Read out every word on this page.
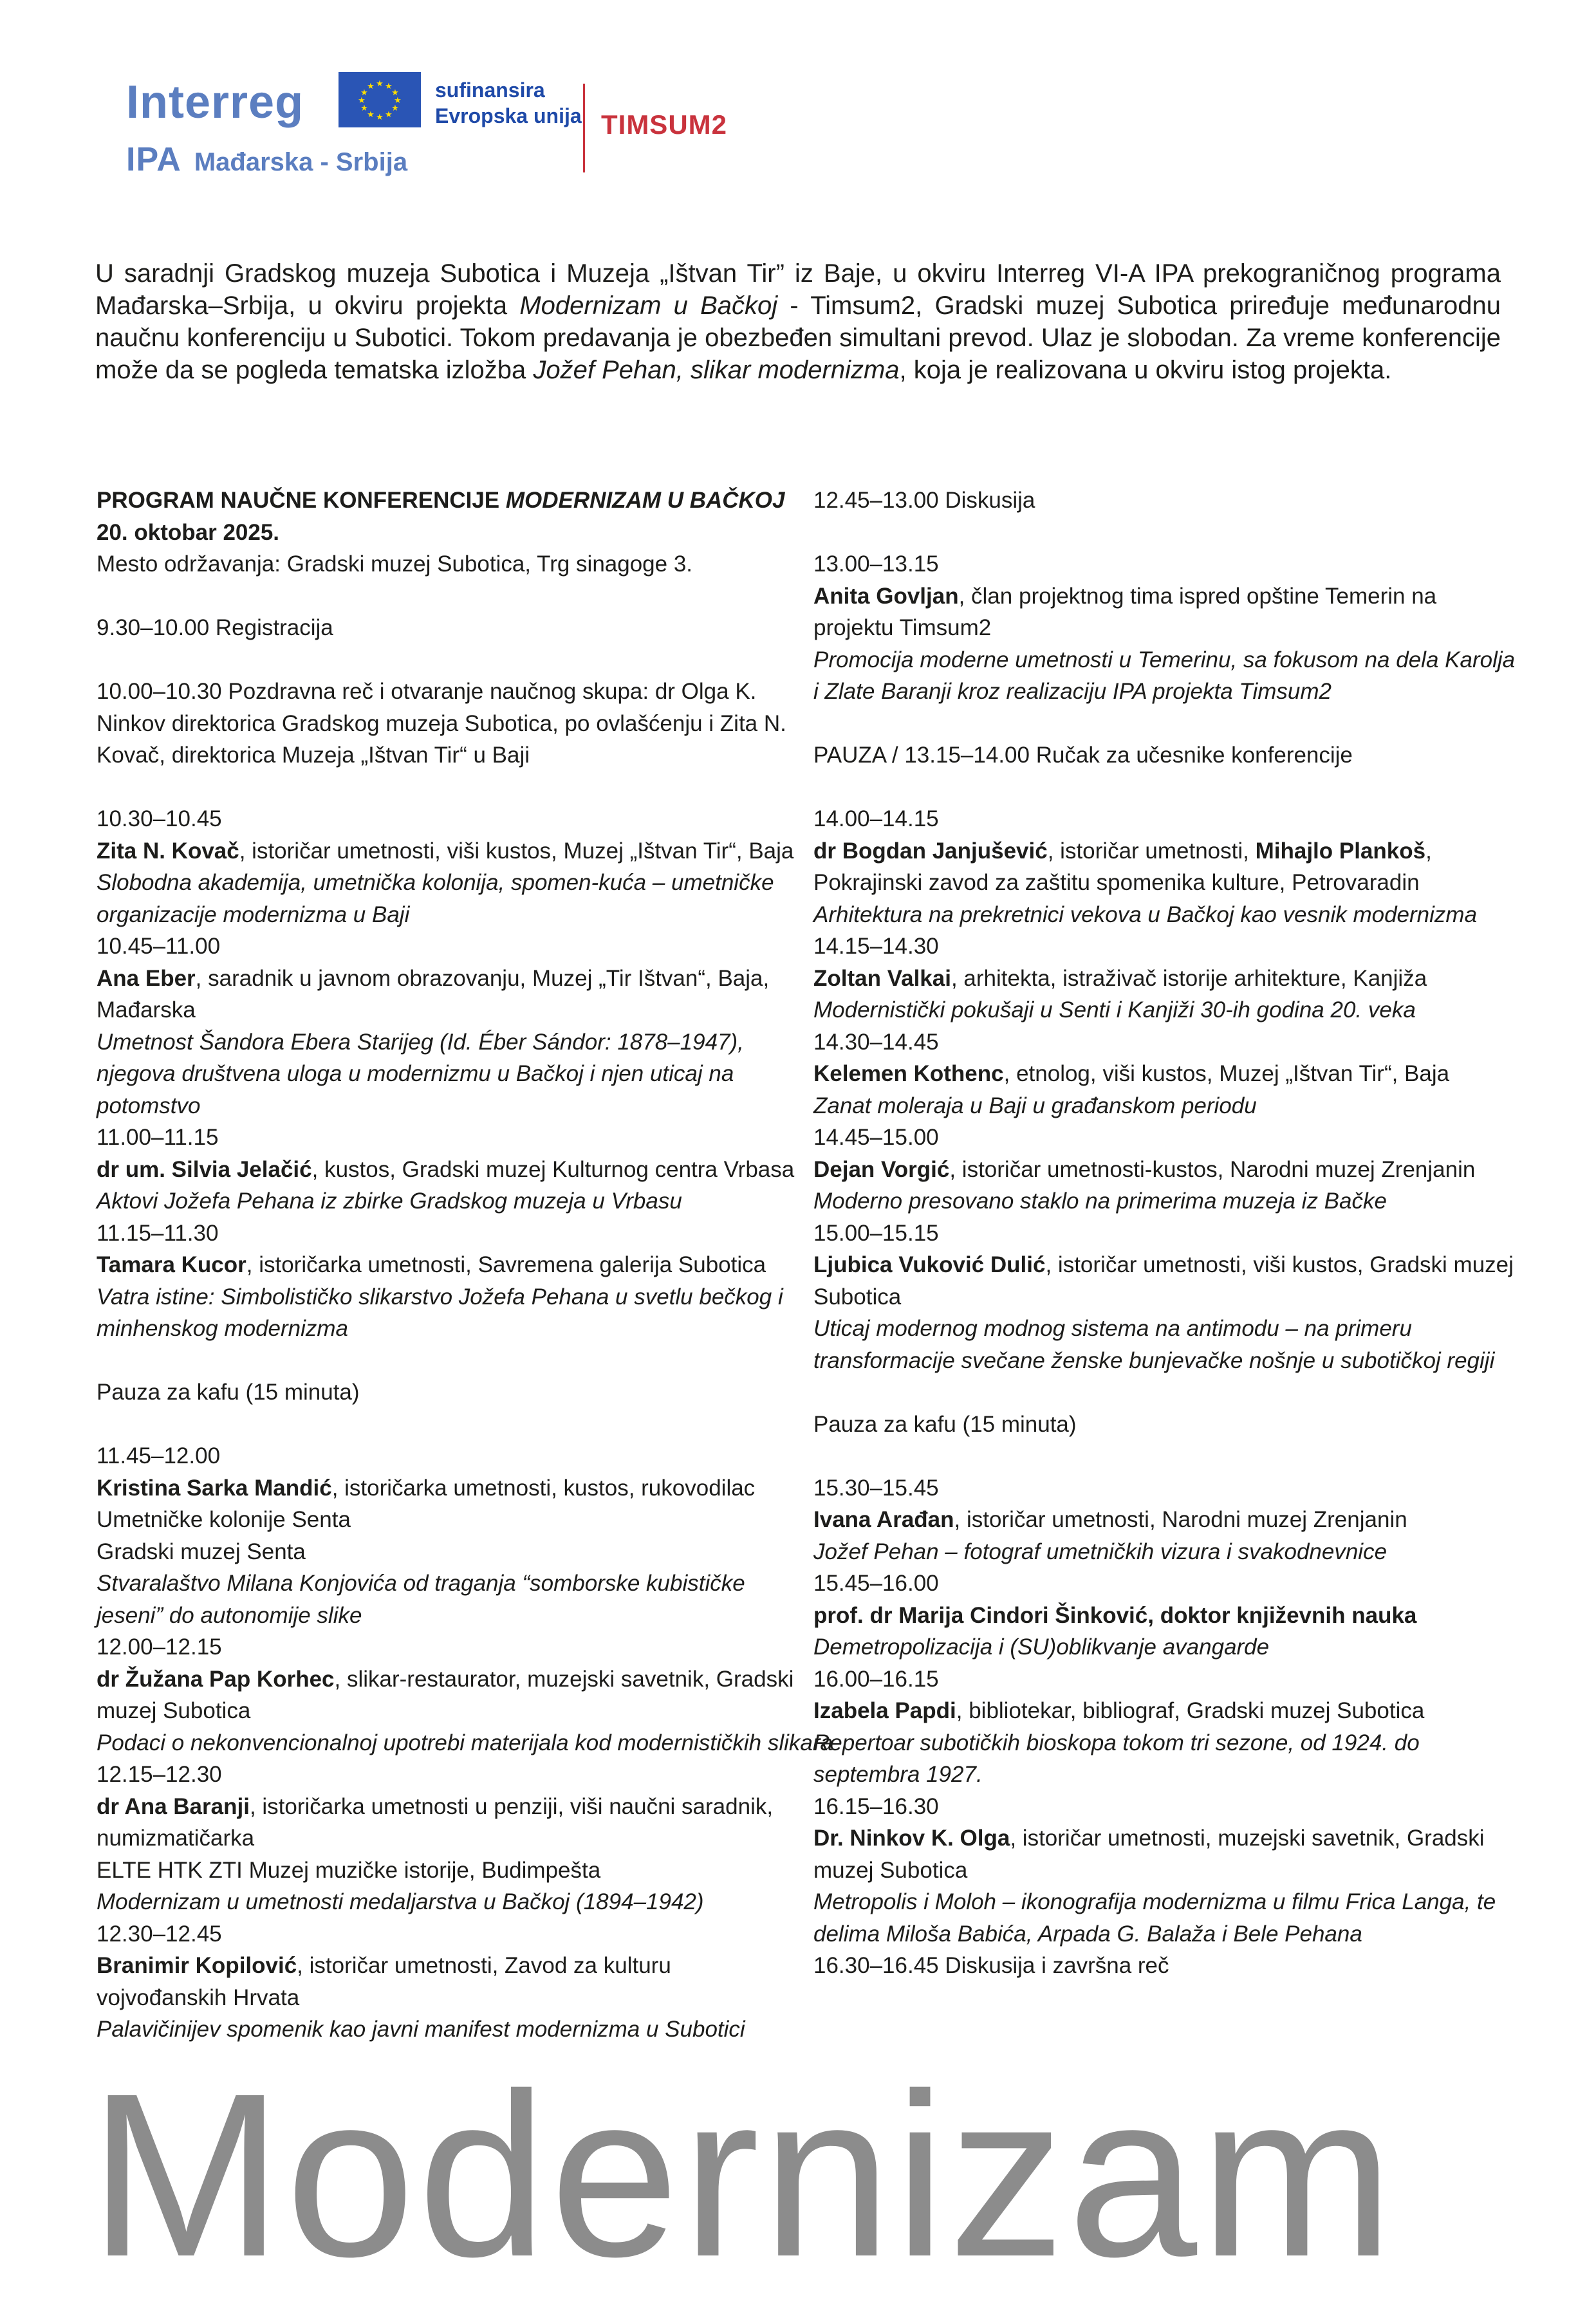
Interreg
IPA Mađarska - Srbija
★ ★
★
★
★
★
★
★
★
★
★
★	sufinansira
Evropska unija TIMSUM2

U saradnji Gradskog muzeja Subotica i Muzeja „Ištvan Tir” iz Baje, u okviru Interreg VI-A IPA prekograničnog programa Mađarska–Srbija, u okviru projekta Modernizam u Bačkoj - Timsum2, Gradski muzej Subotica priređuje međunarodnu naučnu konferenciju u Subotici. Tokom predavanja je obezbeđen simultani prevod. Ulaz je slobodan. Za vreme konferencije može da se pogleda tematska izložba Jožef Pehan, slikar modernizma, koja je realizovana u okviru istog projekta.

PROGRAM NAUČNE KONFERENCIJE MODERNIZAM U BAČKOJ

20. oktobar 2025.

Mesto održavanja: Gradski muzej Subotica, Trg sinagoge 3.

9.30–10.00 Registracija

10.00–10.30 Pozdravna reč i otvaranje naučnog skupa: dr Olga K. Ninkov direktorica Gradskog muzeja Subotica, po ovlašćenju i Zita N. Kovač, direktorica Muzeja „Ištvan Tir“ u Baji

10.30–10.45

Zita N. Kovač, istoričar umetnosti, viši kustos, Muzej „Ištvan Tir“, Baja

Slobodna akademija, umetnička kolonija, spomen-kuća – umetničke organizacije modernizma u Baji

10.45–11.00

Ana Eber, saradnik u javnom obrazovanju, Muzej „Tir Ištvan“, Baja, Mađarska

Umetnost Šandora Ebera Starijeg (Id. Éber Sándor: 1878–1947), njegova društvena uloga u modernizmu u Bačkoj i njen uticaj na potomstvo

11.00–11.15

dr um. Silvia Jelačić, kustos, Gradski muzej Kulturnog centra Vrbasa

Aktovi Jožefa Pehana iz zbirke Gradskog muzeja u Vrbasu

11.15–11.30

Tamara Kucor, istoričarka umetnosti, Savremena galerija Subotica

Vatra istine: Simbolističko slikarstvo Jožefa Pehana u svetlu bečkog i minhenskog modernizma

Pauza za kafu (15 minuta)

11.45–12.00

Kristina Sarka Mandić, istoričarka umetnosti, kustos, rukovodilac Umetničke kolonije Senta

Gradski muzej Senta

Stvaralaštvo Milana Konjovića od traganja “somborske kubističke jeseni” do autonomije slike

12.00–12.15

dr Žužana Pap Korhec, slikar-restaurator, muzejski savetnik, Gradski muzej Subotica

Podaci o nekonvencionalnoj upotrebi materijala kod modernističkih slikara

12.15–12.30

dr Ana Baranji, istoričarka umetnosti u penziji, viši naučni saradnik, numizmatičarka

ELTE HTK ZTI Muzej muzičke istorije, Budimpešta

Modernizam u umetnosti medaljarstva u Bačkoj (1894–1942)

12.30–12.45

Branimir Kopilović, istoričar umetnosti, Zavod za kulturu vojvođanskih Hrvata

Palavičinijev spomenik kao javni manifest modernizma u Subotici

12.45–13.00 Diskusija

13.00–13.15

Anita Govljan, član projektnog tima ispred opštine Temerin na projektu Timsum2

Promocija moderne umetnosti u Temerinu, sa fokusom na dela Karolja i Zlate Baranji kroz realizaciju IPA projekta Timsum2

PAUZA / 13.15–14.00 Ručak za učesnike konferencije

14.00–14.15

dr Bogdan Janjušević, istoričar umetnosti, Mihajlo Plankoš, Pokrajinski zavod za zaštitu spomenika kulture, Petrovaradin

Arhitektura na prekretnici vekova u Bačkoj kao vesnik modernizma

14.15–14.30

Zoltan Valkai, arhitekta, istraživač istorije arhitekture, Kanjiža

Modernistički pokušaji u Senti i Kanjiži 30-ih godina 20. veka

14.30–14.45

Kelemen Kothenc, etnolog, viši kustos, Muzej „Ištvan Tir“, Baja

Zanat moleraja u Baji u građanskom periodu

14.45–15.00

Dejan Vorgić, istoričar umetnosti-kustos, Narodni muzej Zrenjanin

Moderno presovano staklo na primerima muzeja iz Bačke

15.00–15.15

Ljubica Vuković Dulić, istoričar umetnosti, viši kustos, Gradski muzej Subotica

Uticaj modernog modnog sistema na antimodu – na primeru transformacije svečane ženske bunjevačke nošnje u subotičkoj regiji

Pauza za kafu (15 minuta)

15.30–15.45

Ivana Arađan, istoričar umetnosti, Narodni muzej Zrenjanin

Jožef Pehan – fotograf umetničkih vizura i svakodnevnice

15.45–16.00

prof. dr Marija Cindori Šinković, doktor književnih nauka

Demetropolizacija i (SU)oblikvanje avangarde

16.00–16.15

Izabela Papdi, bibliotekar, bibliograf, Gradski muzej Subotica

Repertoar subotičkih bioskopa tokom tri sezone, od 1924. do septembra 1927.

16.15–16.30

Dr. Ninkov K. Olga, istoričar umetnosti, muzejski savetnik, Gradski muzej Subotica

Metropolis i Moloh – ikonografija modernizma u filmu Frica Langa, te delima Miloša Babića, Arpada G. Balaža i Bele Pehana

16.30–16.45 Diskusija i završna reč

Modernizam
